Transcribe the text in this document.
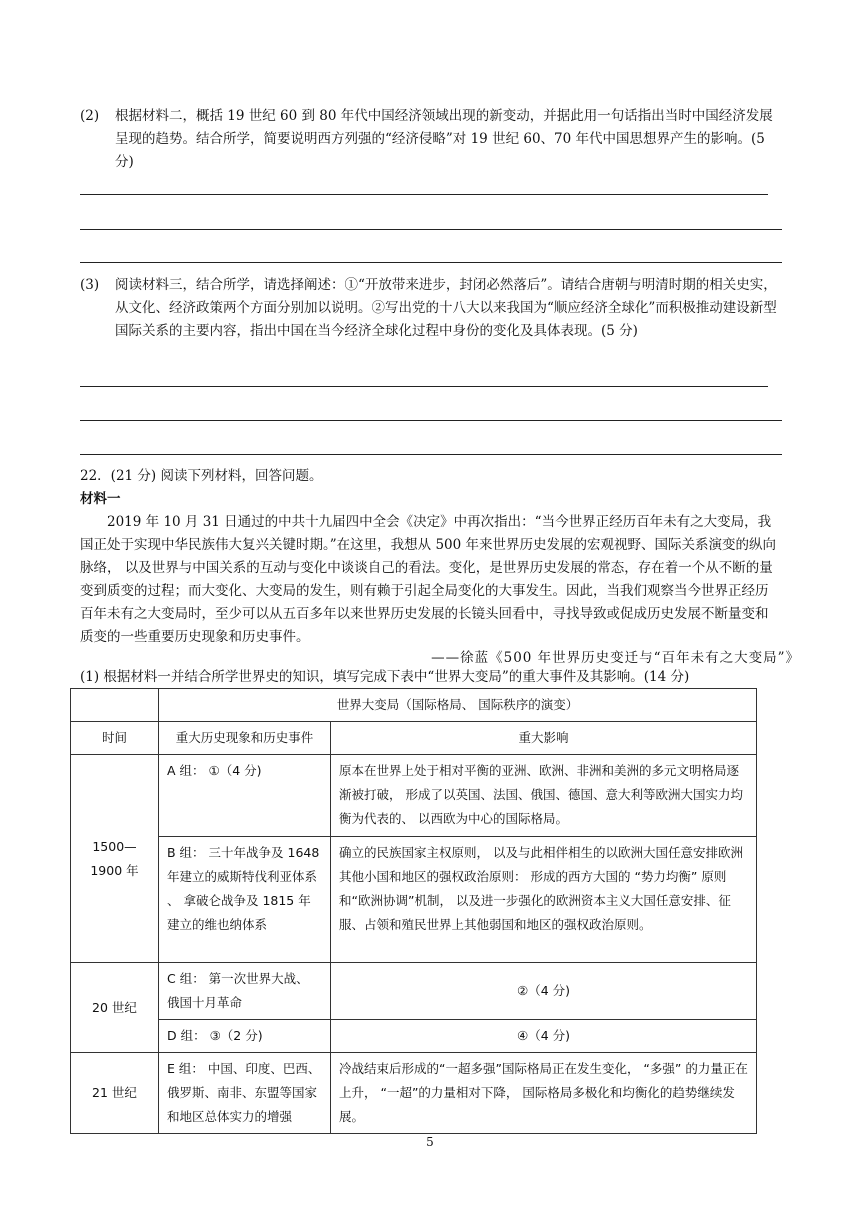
(2)	根据材料二，概括 19 世纪 60 到 80 年代中国经济领域出现的新变动，并据此用一句话指出当时中国经济发展呈现的趋势。结合所学，简要说明西方列强的“经济侵略”对 19 世纪 60、70 年代中国思想界产生的影响。(5 分)
(3)	阅读材料三，结合所学，请选择阐述：①“开放带来进步，封闭必然落后”。请结合唐朝与明清时期的相关史实，从文化、经济政策两个方面分别加以说明。②写出党的十八大以来我国为“顺应经济全球化”而积极推动建设新型国际关系的主要内容，指出中国在当今经济全球化过程中身份的变化及具体表现。(5 分)
22．(21 分) 阅读下列材料，回答问题。
材料一
2019 年 10 月 31 日通过的中共十九届四中全会《决定》中再次指出：“当今世界正经历百年未有之大变局，我国正处于实现中华民族伟大复兴关键时期。”在这里，我想从 500 年来世界历史发展的宏观视野、国际关系演变的纵向脉络， 以及世界与中国关系的互动与变化中谈谈自己的看法。变化，是世界历史发展的常态，存在着一个从不断的量变到质变的过程；而大变化、大变局的发生，则有赖于引起全局变化的大事发生。因此，当我们观察当今世界正经历百年未有之大变局时，至少可以从五百多年以来世界历史发展的长镜头回看中，寻找导致或促成历史发展不断量变和质变的一些重要历史现象和历史事件。
——徐蓝《500 年世界历史变迁与“百年未有之大变局”》
(1) 根据材料一并结合所学世界史的知识，填写完成下表中“世界大变局”的重大事件及其影响。(14 分)
	世界大变局（国际格局、 国际秩序的演变）	
时间	重大历史现象和历史事件	重大影响
1500— 1900 年	A 组： ①（4 分)	原本在世界上处于相对平衡的亚洲、欧洲、非洲和美洲的多元文明格局逐渐被打破， 形成了以英国、法国、俄国、德国、意大利等欧洲大国实力均衡为代表的、 以西欧为中心的国际格局。
	B 组： 三十年战争及 1648 年建立的威斯特伐利亚体系 、 拿破仑战争及 1815 年建立的维也纳体系	确立的民族国家主权原则， 以及与此相伴相生的以欧洲大国任意安排欧洲其他小国和地区的强权政治原则： 形成的西方大国的 “势力均衡” 原则和“欧洲协调”机制， 以及进一步强化的欧洲资本主义大国任意安排、征服、占领和殖民世界上其他弱国和地区的强权政治原则。
20 世纪	C 组： 第一次世界大战、 俄国十月革命	②（4 分)
	D 组： ③（2 分)	④（4 分)
21 世纪	E 组： 中国、印度、巴西、俄罗斯、南非、东盟等国家和地区总体实力的增强	冷战结束后形成的“一超多强”国际格局正在发生变化， “多强” 的力量正在上升， “一超”的力量相对下降， 国际格局多极化和均衡化的趋势继续发展。
5
